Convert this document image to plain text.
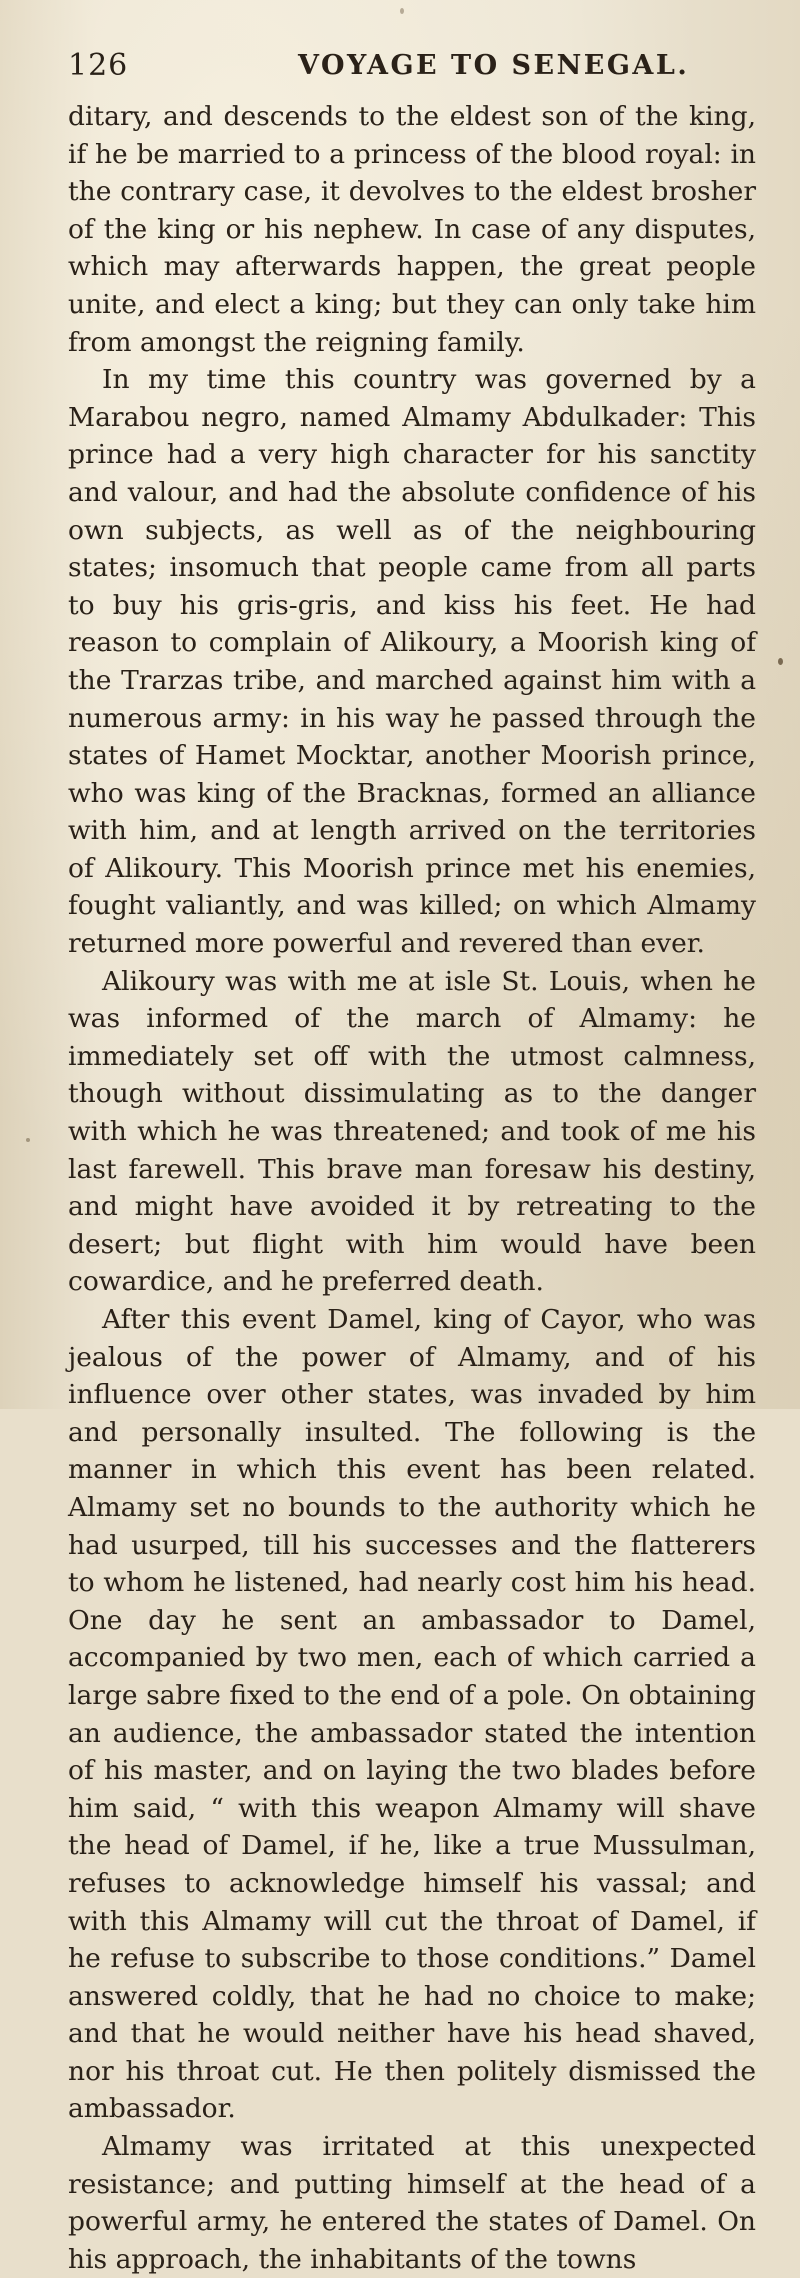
126	VOYAGE TO SENEGAL.

ditary, and descends to the eldest son of the king, if he be married to a princess of the blood royal: in the contrary case, it devolves to the eldest brosher of the king or his nephew. In case of any disputes, which may afterwards happen, the great people unite, and elect a king; but they can only take him from amongst the reigning family.

In my time this country was governed by a Marabou negro, named Almamy Abdulkader: This prince had a very high character for his sanctity and valour, and had the absolute confidence of his own subjects, as well as of the neighbouring states; insomuch that people came from all parts to buy his gris-gris, and kiss his feet. He had reason to complain of Alikoury, a Moorish king of the Trarzas tribe, and marched against him with a numerous army: in his way he passed through the states of Hamet Mocktar, another Moorish prince, who was king of the Bracknas, formed an alliance with him, and at length arrived on the territories of Alikoury. This Moorish prince met his enemies, fought valiantly, and was killed; on which Almamy returned more powerful and revered than ever.

Alikoury was with me at isle St. Louis, when he was informed of the march of Almamy: he immediately set off with the utmost calmness, though without dissimulating as to the danger with which he was threatened; and took of me his last farewell. This brave man foresaw his destiny, and might have avoided it by retreating to the desert; but flight with him would have been cowardice, and he preferred death.

After this event Damel, king of Cayor, who was jealous of the power of Almamy, and of his influence over other states, was invaded by him and personally insulted. The following is the manner in which this event has been related. Almamy set no bounds to the authority which he had usurped, till his successes and the flatterers to whom he listened, had nearly cost him his head. One day he sent an ambassador to Damel, accompanied by two men, each of which carried a large sabre fixed to the end of a pole. On obtaining an audience, the ambassador stated the intention of his master, and on laying the two blades before him said, “ with this weapon Almamy will shave the head of Damel, if he, like a true Mussulman, refuses to acknowledge himself his vassal; and with this Almamy will cut the throat of Damel, if he refuse to subscribe to those conditions.” Damel answered coldly, that he had no choice to make; and that he would neither have his head shaved, nor his throat cut. He then politely dismissed the ambassador.

Almamy was irritated at this unexpected resistance; and putting himself at the head of a powerful army, he entered the states of Damel. On his approach, the inhabitants of the towns
